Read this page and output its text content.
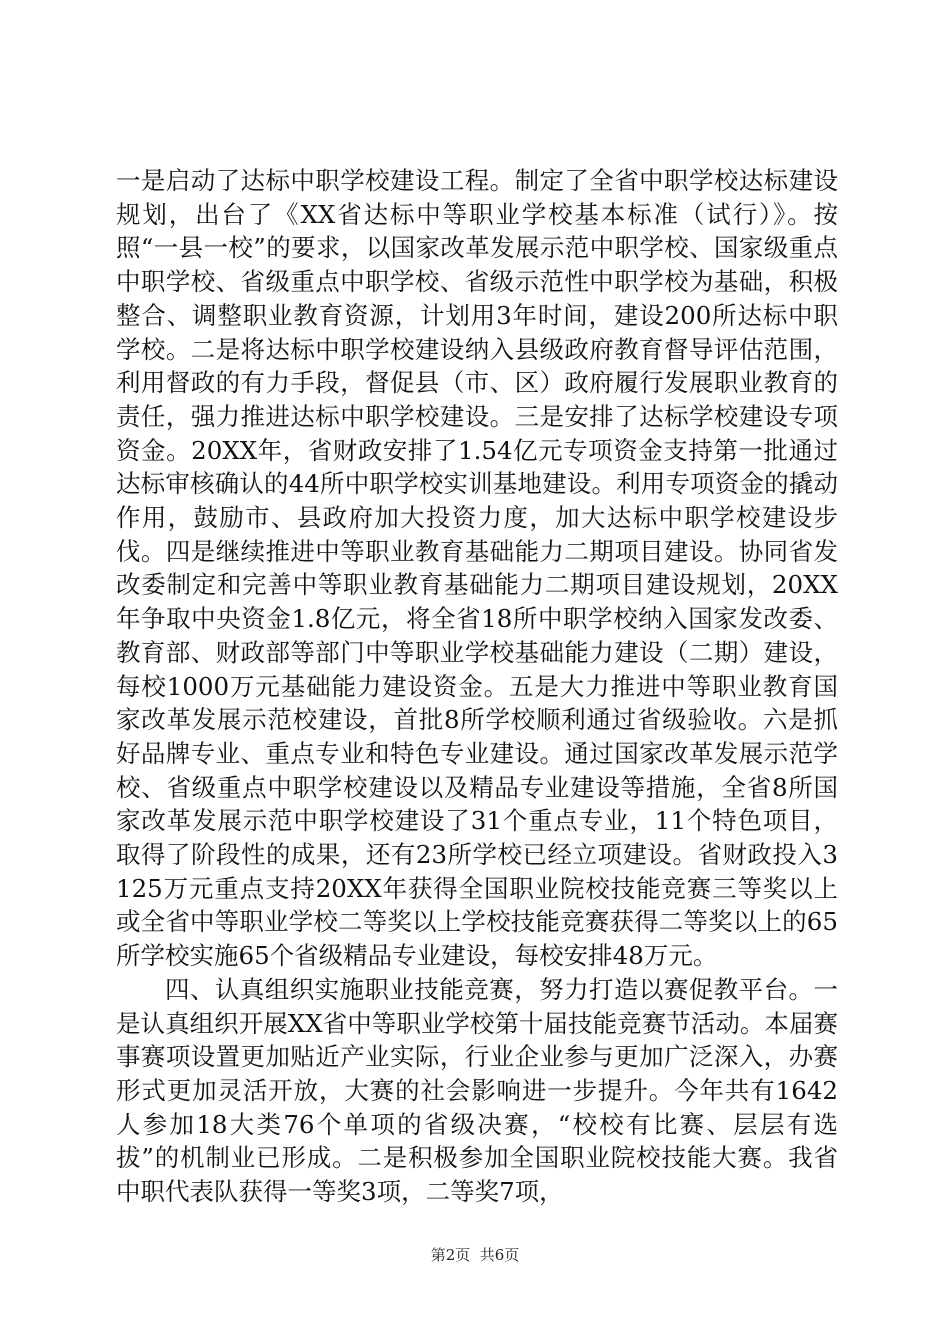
一是启动了达标中职学校建设工程。制定了全省中职学校达标建设规划，出台了《XX省达标中等职业学校基本标准（试行）》。按照“一县一校”的要求，以国家改革发展示范中职学校、国家级重点中职学校、省级重点中职学校、省级示范性中职学校为基础，积极整合、调整职业教育资源，计划用3年时间，建设200所达标中职学校。二是将达标中职学校建设纳入县级政府教育督导评估范围，利用督政的有力手段，督促县（市、区）政府履行发展职业教育的责任，强力推进达标中职学校建设。三是安排了达标学校建设专项资金。20XX年，省财政安排了1.54亿元专项资金支持第一批通过达标审核确认的44所中职学校实训基地建设。利用专项资金的撬动作用，鼓励市、县政府加大投资力度，加大达标中职学校建设步伐。四是继续推进中等职业教育基础能力二期项目建设。协同省发改委制定和完善中等职业教育基础能力二期项目建设规划，20XX年争取中央资金1.8亿元，将全省18所中职学校纳入国家发改委、教育部、财政部等部门中等职业学校基础能力建设（二期）建设，每校1000万元基础能力建设资金。五是大力推进中等职业教育国家改革发展示范校建设，首批8所学校顺利通过省级验收。六是抓好品牌专业、重点专业和特色专业建设。通过国家改革发展示范学校、省级重点中职学校建设以及精品专业建设等措施，全省8所国家改革发展示范中职学校建设了31个重点专业，11个特色项目，取得了阶段性的成果，还有23所学校已经立项建设。省财政投入3125万元重点支持20XX年获得全国职业院校技能竞赛三等奖以上或全省中等职业学校二等奖以上学校技能竞赛获得二等奖以上的65所学校实施65个省级精品专业建设，每校安排48万元。

四、认真组织实施职业技能竞赛，努力打造以赛促教平台。一是认真组织开展XX省中等职业学校第十届技能竞赛节活动。本届赛事赛项设置更加贴近产业实际，行业企业参与更加广泛深入，办赛形式更加灵活开放，大赛的社会影响进一步提升。今年共有1642人参加18大类76个单项的省级决赛，“校校有比赛、层层有选拔”的机制业已形成。二是积极参加全国职业院校技能大赛。我省中职代表队获得一等奖3项，二等奖7项，

第2页  共6页
